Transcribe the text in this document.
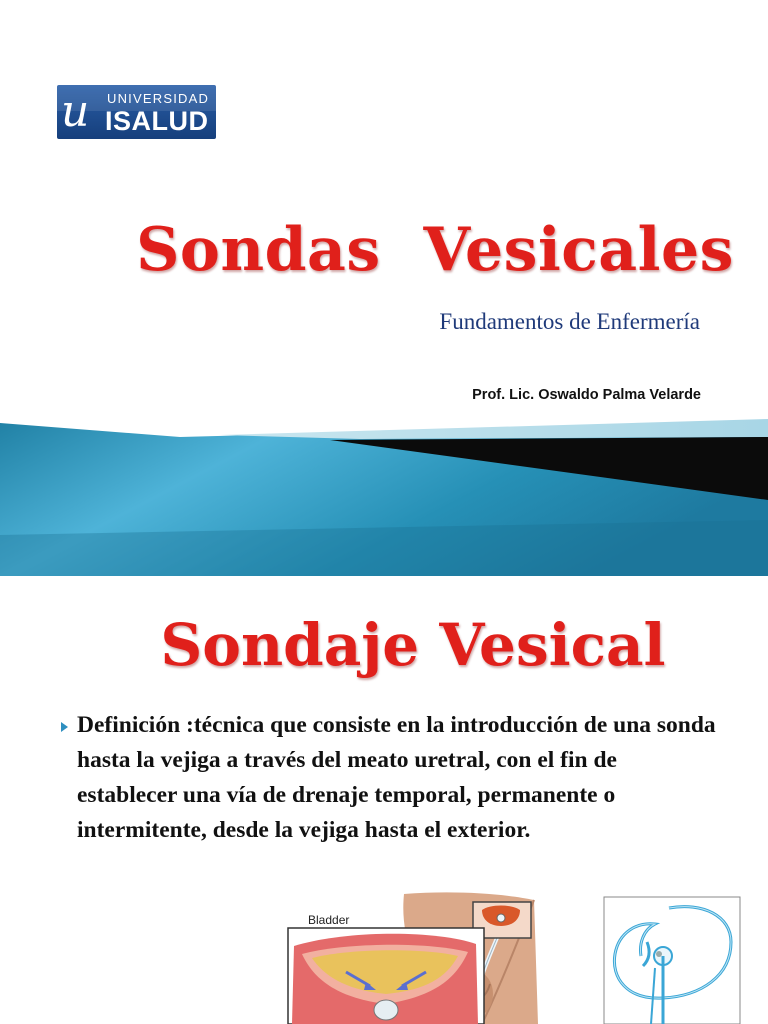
u UNIVERSIDAD
ISALUD
Sondas  Vesicales
Fundamentos de Enfermería
Prof. Lic. Oswaldo Palma Velarde
Sondaje Vesical
Definición :técnica que consiste en la introducción de una sonda hasta la vejiga a través del meato uretral, con el fin de establecer una vía de drenaje temporal, permanente o intermitente, desde la vejiga hasta el exterior.
Bladder
